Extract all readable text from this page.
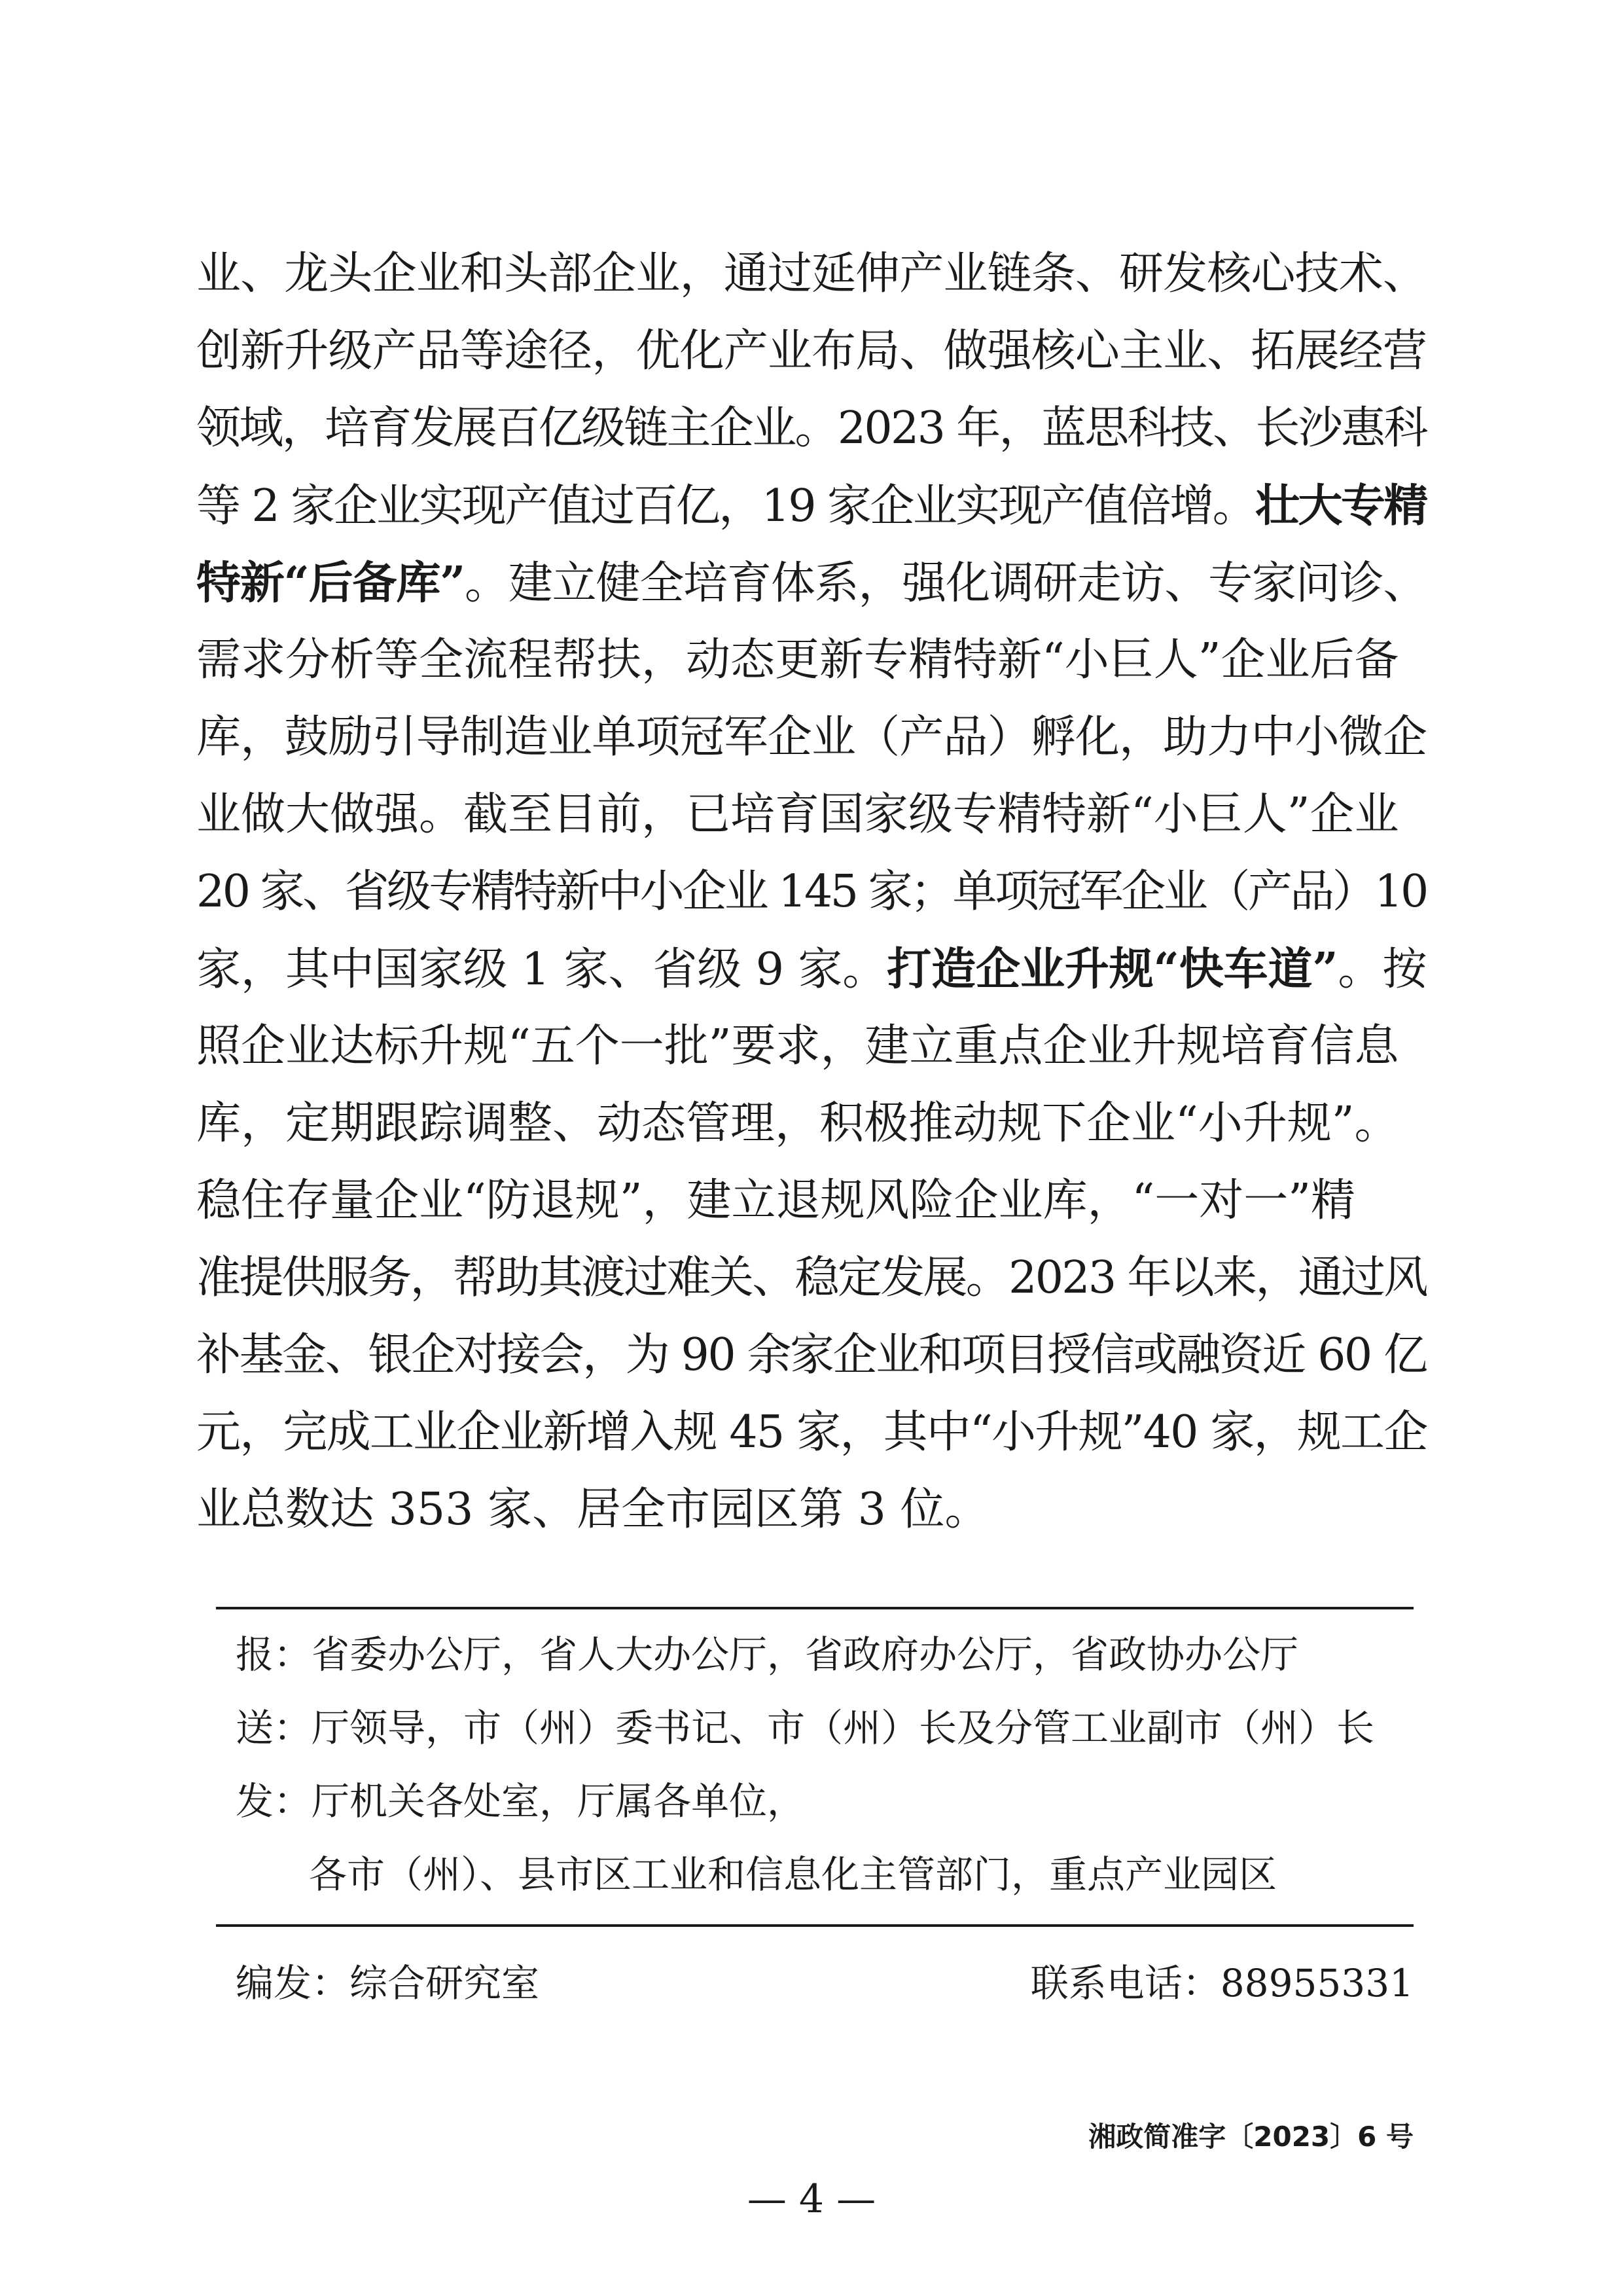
业、龙头企业和头部企业，通过延伸产业链条、研发核心技术、
创新升级产品等途径，优化产业布局、做强核心主业、拓展经营
领域，培育发展百亿级链主企业。2023 年，蓝思科技、长沙惠科
等 2 家企业实现产值过百亿，19 家企业实现产值倍增。壮大专精
特新“后备库”。建立健全培育体系，强化调研走访、专家问诊、
需求分析等全流程帮扶，动态更新专精特新“小巨人”企业后备
库，鼓励引导制造业单项冠军企业（产品）孵化，助力中小微企
业做大做强。截至目前，已培育国家级专精特新“小巨人”企业
20 家、省级专精特新中小企业 145 家；单项冠军企业（产品）10
家，其中国家级 1 家、省级 9 家。打造企业升规“快车道”。按
照企业达标升规“五个一批”要求，建立重点企业升规培育信息
库，定期跟踪调整、动态管理，积极推动规下企业“小升规”。
稳住存量企业“防退规”，建立退规风险企业库，“一对一”精
准提供服务，帮助其渡过难关、稳定发展。2023 年以来，通过风
补基金、银企对接会，为 90 余家企业和项目授信或融资近 60 亿
元，完成工业企业新增入规 45 家，其中“小升规”40 家，规工企
业总数达 353 家、居全市园区第 3 位。
报：省委办公厅，省人大办公厅，省政府办公厅，省政协办公厅
送：厅领导，市（州）委书记、市（州）长及分管工业副市（州）长
发：厅机关各处室，厅属各单位，
各市（州）、县市区工业和信息化主管部门，重点产业园区
编发：综合研究室	联系电话：88955331
湘政简准字〔2023〕6 号
— 4 —
